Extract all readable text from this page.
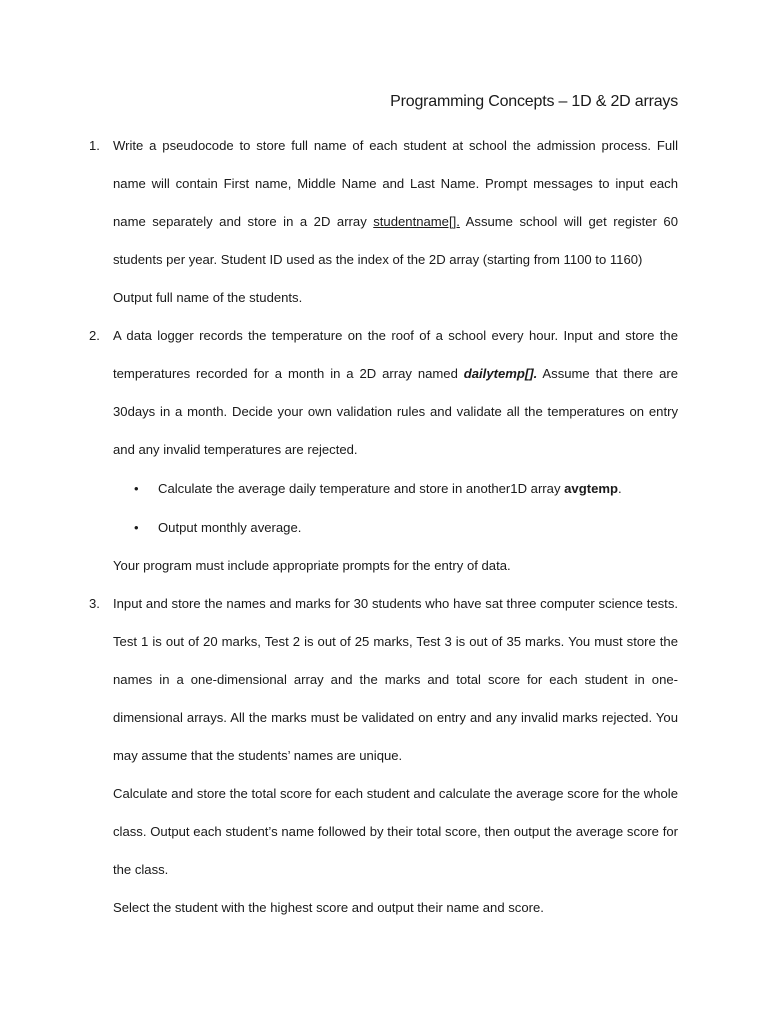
Programming Concepts – 1D & 2D arrays
1. Write a pseudocode to store full name of each student at school the admission process. Full name will contain First name, Middle Name and Last Name. Prompt messages to input each name separately and store in a 2D array studentname[]. Assume school will get register 60 students per year. Student ID used as the index of the 2D array (starting from 1100 to 1160)

Output full name of the students.

2. A data logger records the temperature on the roof of a school every hour. Input and store the temperatures recorded for a month in a 2D array named dailytemp[]. Assume that there are 30days in a month. Decide your own validation rules and validate all the temperatures on entry and any invalid temperatures are rejected.

• Calculate the average daily temperature and store in another1D array avgtemp.
• Output monthly average.

Your program must include appropriate prompts for the entry of data.

3. Input and store the names and marks for 30 students who have sat three computer science tests. Test 1 is out of 20 marks, Test 2 is out of 25 marks, Test 3 is out of 35 marks. You must store the names in a one-dimensional array and the marks and total score for each student in one-dimensional arrays. All the marks must be validated on entry and any invalid marks rejected. You may assume that the students’ names are unique.

Calculate and store the total score for each student and calculate the average score for the whole class. Output each student’s name followed by their total score, then output the average score for the class.

Select the student with the highest score and output their name and score.
